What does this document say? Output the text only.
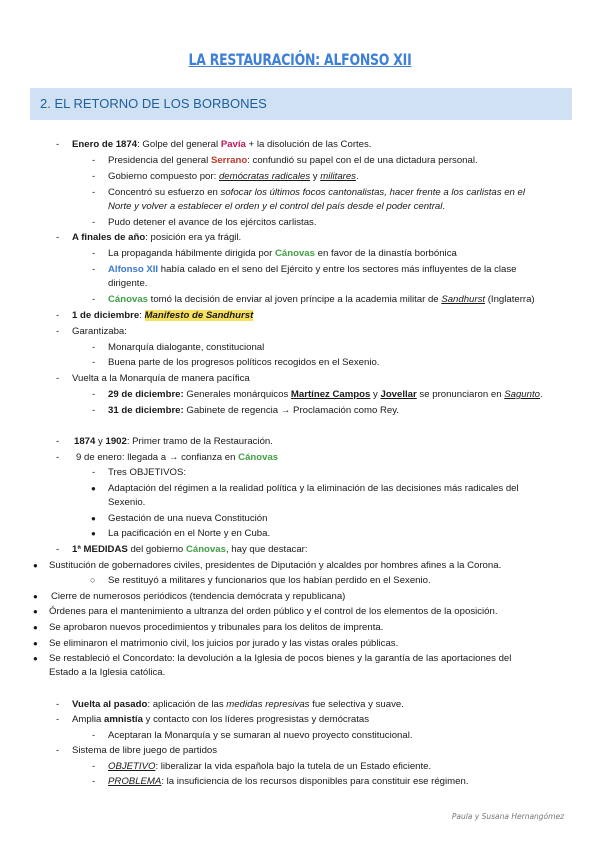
LA RESTAURACIÓN: ALFONSO XII
2. EL RETORNO DE LOS BORBONES
- Enero de 1874: Golpe del general Pavía + la disolución de las Cortes.
- Presidencia del general Serrano: confundió su papel con el de una dictadura personal.
- Gobierno compuesto por: demócratas radicales y militares.
- Concentró su esfuerzo en sofocar los últimos focos cantonalistas, hacer frente a los carlistas en el
Norte y volver a establecer el orden y el control del país desde el poder central.
- Pudo detener el avance de los ejércitos carlistas.
- A finales de año: posición era ya frágil.
- La propaganda hábilmente dirigida por Cánovas en favor de la dinastía borbónica
- Alfonso XII había calado en el seno del Ejército y entre los sectores más influyentes de la clase
dirigente.
- Cánovas tomó la decisión de enviar al joven príncipe a la academia militar de Sandhurst (Inglaterra)
- 1 de diciembre: Manifesto de Sandhurst
- Garantizaba:
- Monarquía dialogante, constitucional
- Buena parte de los progresos políticos recogidos en el Sexenio.
- Vuelta a la Monarquía de manera pacífica
- 29 de diciembre: Generales monárquicos Martínez Campos y Jovellar se pronunciaron en Sagunto.
- 31 de diciembre: Gabinete de regencia → Proclamación como Rey.
- 1874 y 1902: Primer tramo de la Restauración.
- 9 de enero: llegada a → confianza en Cánovas
- Tres OBJETIVOS:
● Adaptación del régimen a la realidad política y la eliminación de las decisiones más radicales del
Sexenio.
● Gestación de una nueva Constitución
● La pacificación en el Norte y en Cuba.
- 1ª MEDIDAS del gobierno Cánovas, hay que destacar:
● Sustitución de gobernadores civiles, presidentes de Diputación y alcaldes por hombres afines a la Corona.
○ Se restituyó a militares y funcionarios que los habían perdido en el Sexenio.
● Cierre de numerosos periódicos (tendencia demócrata y republicana)
● Órdenes para el mantenimiento a ultranza del orden público y el control de los elementos de la oposición.
● Se aprobaron nuevos procedimientos y tribunales para los delitos de imprenta.
● Se eliminaron el matrimonio civil, los juicios por jurado y las vistas orales públicas.
● Se restableció el Concordato: la devolución a la Iglesia de pocos bienes y la garantía de las aportaciones del
Estado a la Iglesia católica.
- Vuelta al pasado: aplicación de las medidas represivas fue selectiva y suave.
- Amplia amnistía y contacto con los líderes progresistas y demócratas
- Aceptaran la Monarquía y se sumaran al nuevo proyecto constitucional.
- Sistema de libre juego de partidos
- OBJETIVO: liberalizar la vida española bajo la tutela de un Estado eficiente.
- PROBLEMA: la insuficiencia de los recursos disponibles para constituir ese régimen.
Paula y Susana Hernangómez
